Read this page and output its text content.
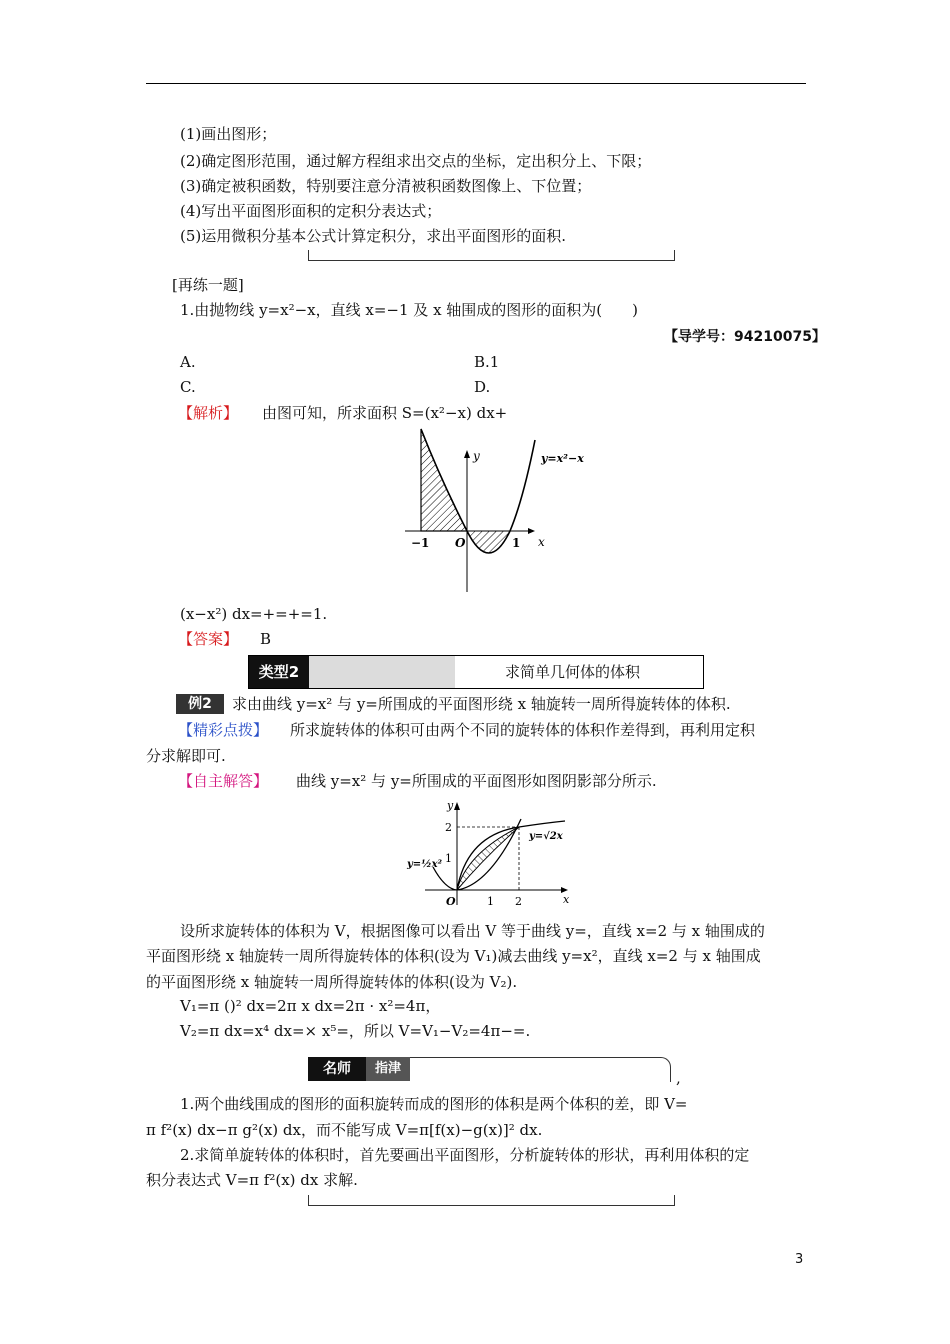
(1)画出图形；
(2)确定图形范围，通过解方程组求出交点的坐标，定出积分上、下限；
(3)确定被积函数，特别要注意分清被积函数图像上、下位置；
(4)写出平面图形面积的定积分表达式；
(5)运用微积分基本公式计算定积分，求出平面图形的面积.
[再练一题]
1.由抛物线 y=x²−x，直线 x=−1 及 x 轴围成的图形的面积为(　　)
【导学号：94210075】
A.	B.1
C.	D.
【解析】 由图可知，所求面积 S=(x²−x) dx+
y
x
−1 O	1
y=x²−x
(x−x²) dx=+=+=1.
【答案】 B
类型2	求简单几何体的体积
例2	求由曲线 y=x² 与 y=所围成的平面图形绕 x 轴旋转一周所得旋转体的体积.
【精彩点拨】 所求旋转体的体积可由两个不同的旋转体的体积作差得到，再利用定积
分求解即可.
【自主解答】 曲线 y=x² 与 y=所围成的平面图形如图阴影部分所示.
y
x
O
2
1
1 2
y=√2x
y=½x²
设所求旋转体的体积为 V，根据图像可以看出 V 等于曲线 y=，直线 x=2 与 x 轴围成的
平面图形绕 x 轴旋转一周所得旋转体的体积(设为 V₁)减去曲线 y=x²，直线 x=2 与 x 轴围成
的平面图形绕 x 轴旋转一周所得旋转体的体积(设为 V₂).
V₁=π ()² dx=2π x dx=2π · x²=4π，
V₂=π dx=x⁴ dx=× x⁵=，所以 V=V₁−V₂=4π−=.
名师	指津
,
1.两个曲线围成的图形的面积旋转而成的图形的体积是两个体积的差，即 V=
π f²(x) dx−π g²(x) dx，而不能写成 V=π[f(x)−g(x)]² dx.
2.求简单旋转体的体积时，首先要画出平面图形，分析旋转体的形状，再利用体积的定
积分表达式 V=π f²(x) dx 求解.
3
